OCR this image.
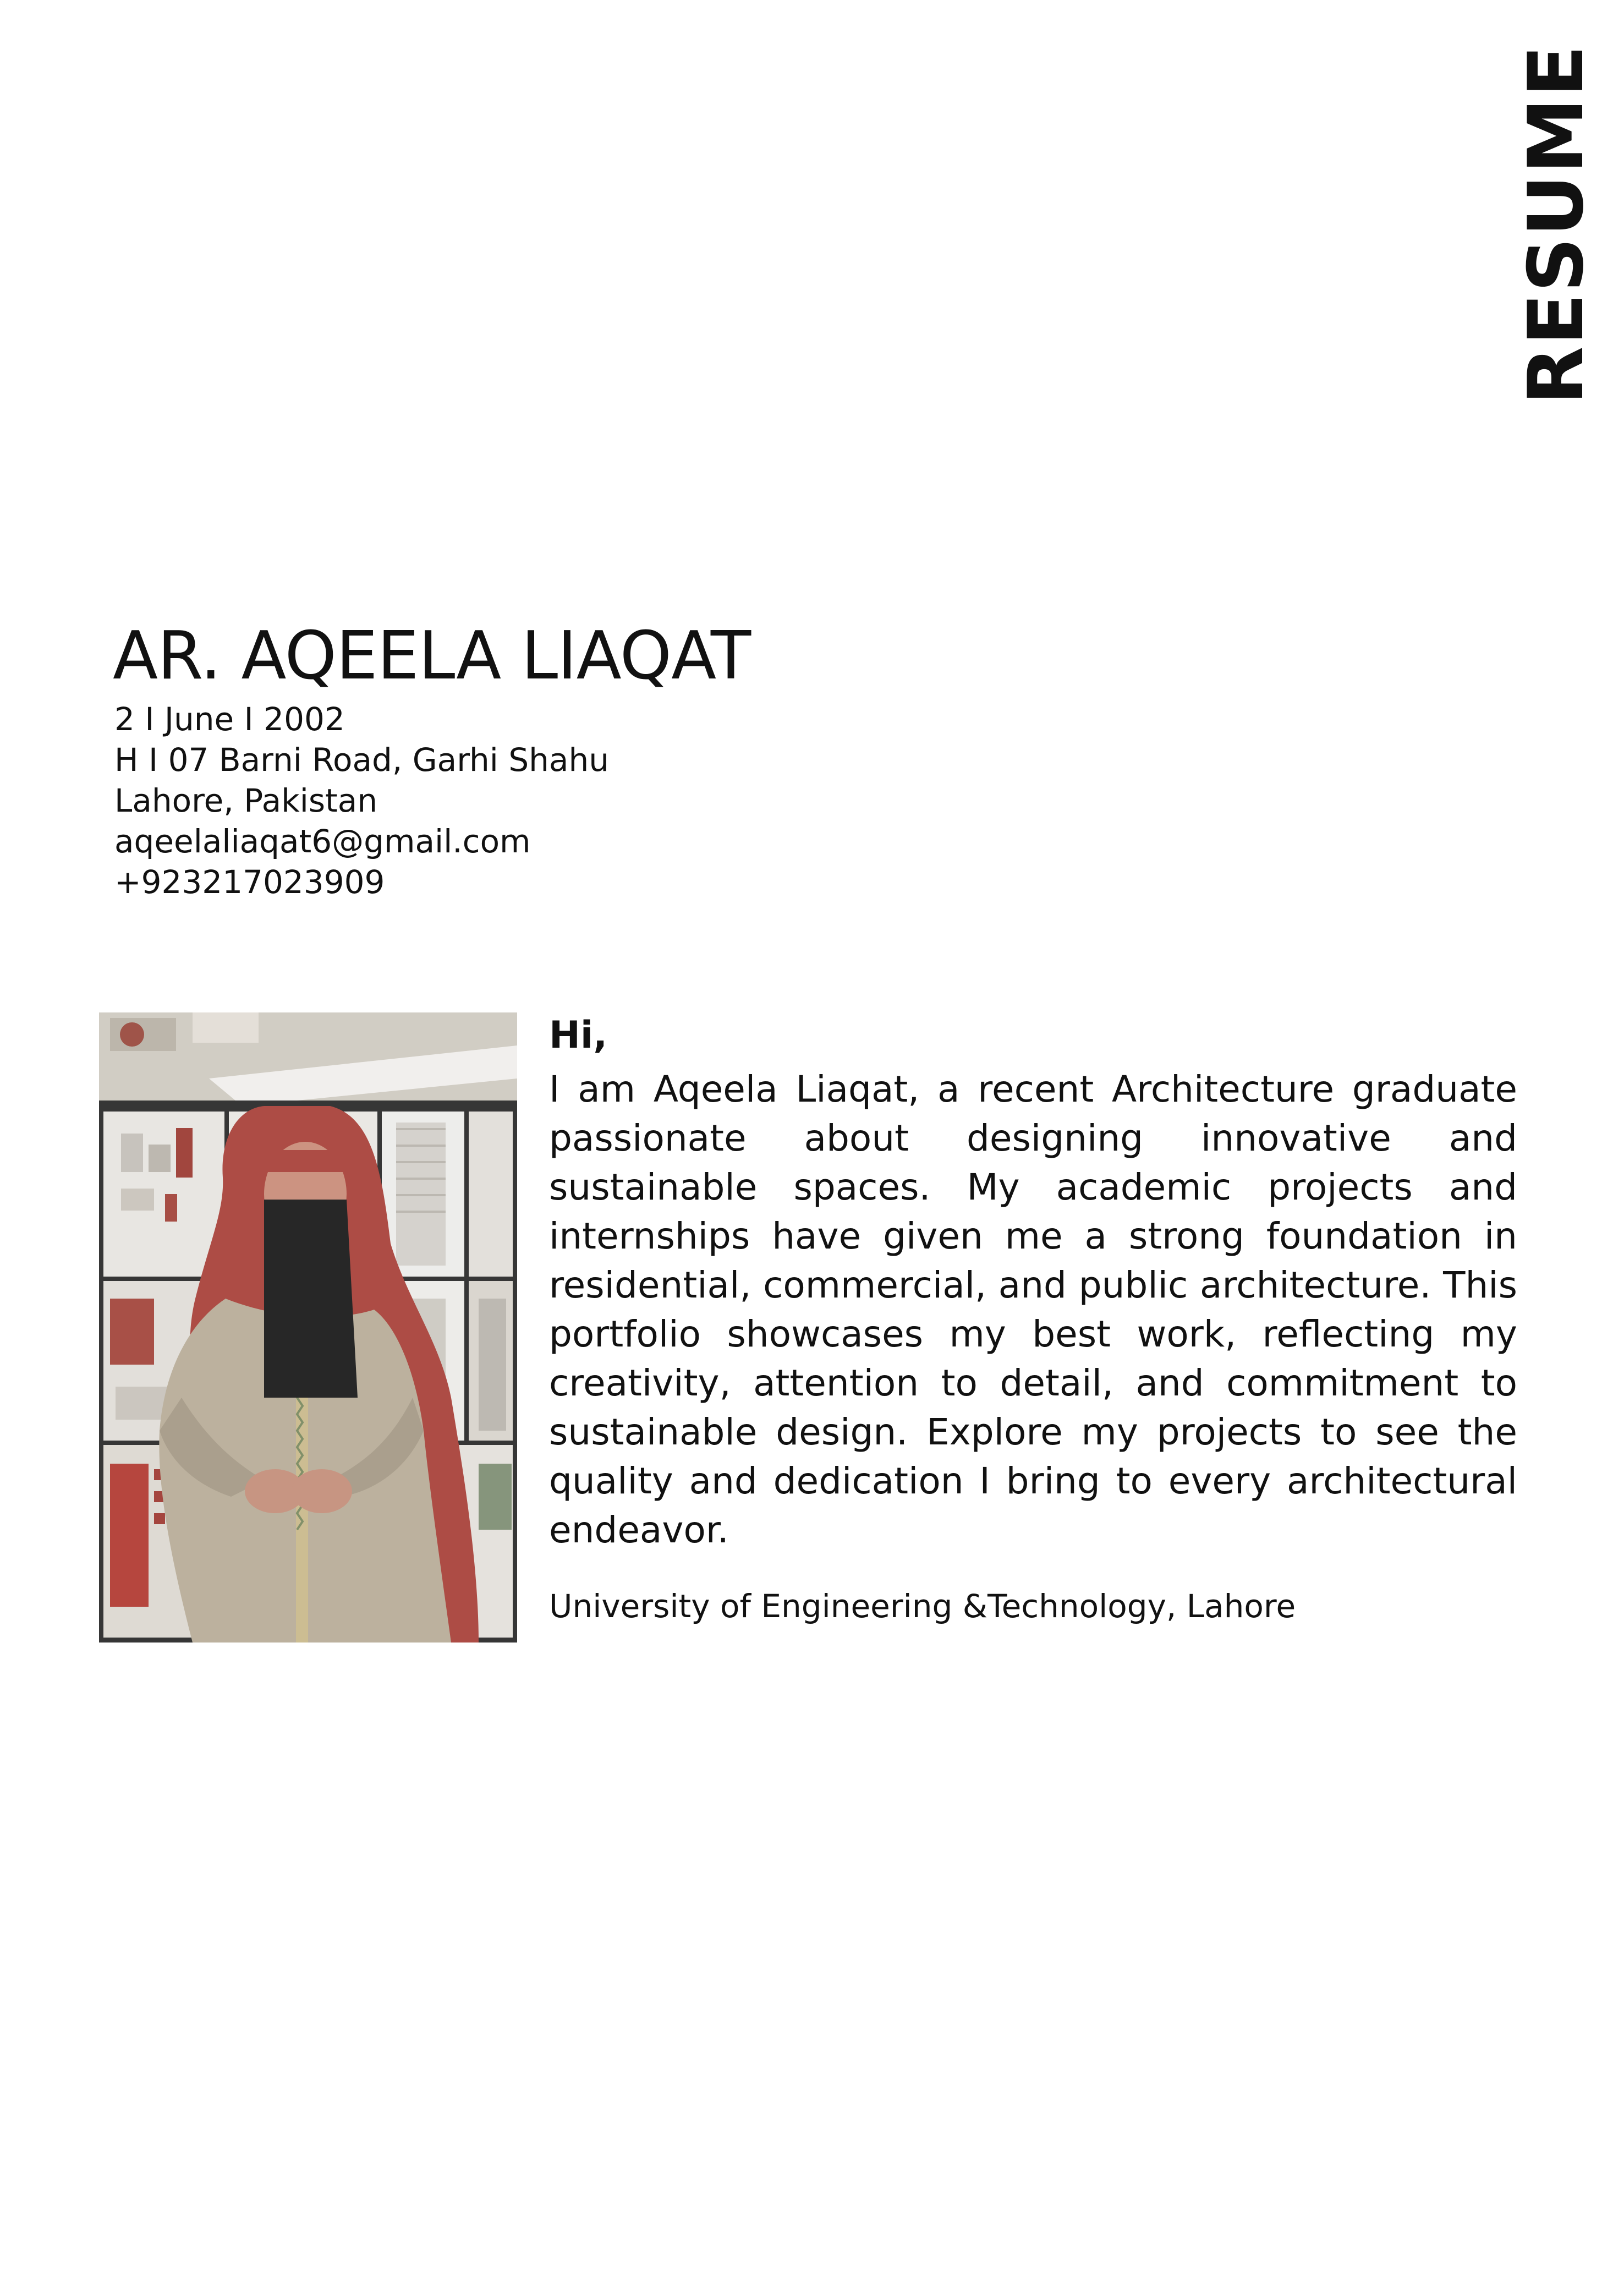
RESUME
AR. AQEELA LIAQAT
2 I June I 2002
H I 07 Barni Road, Garhi Shahu
Lahore, Pakistan
aqeelaliaqat6@gmail.com
+923217023909
Hi,

I am Aqeela Liaqat, a recent Architecture graduate passionate about designing innovative and sustainable spaces. My academic projects and internships have given me a strong foundation in residential, commercial, and public architecture. This portfolio showcases my best work, reflecting my creativity, attention to detail, and commitment to sustainable design. Explore my projects to see the quality and dedication I bring to every architectural endeavor.

University of Engineering &Technology, Lahore
